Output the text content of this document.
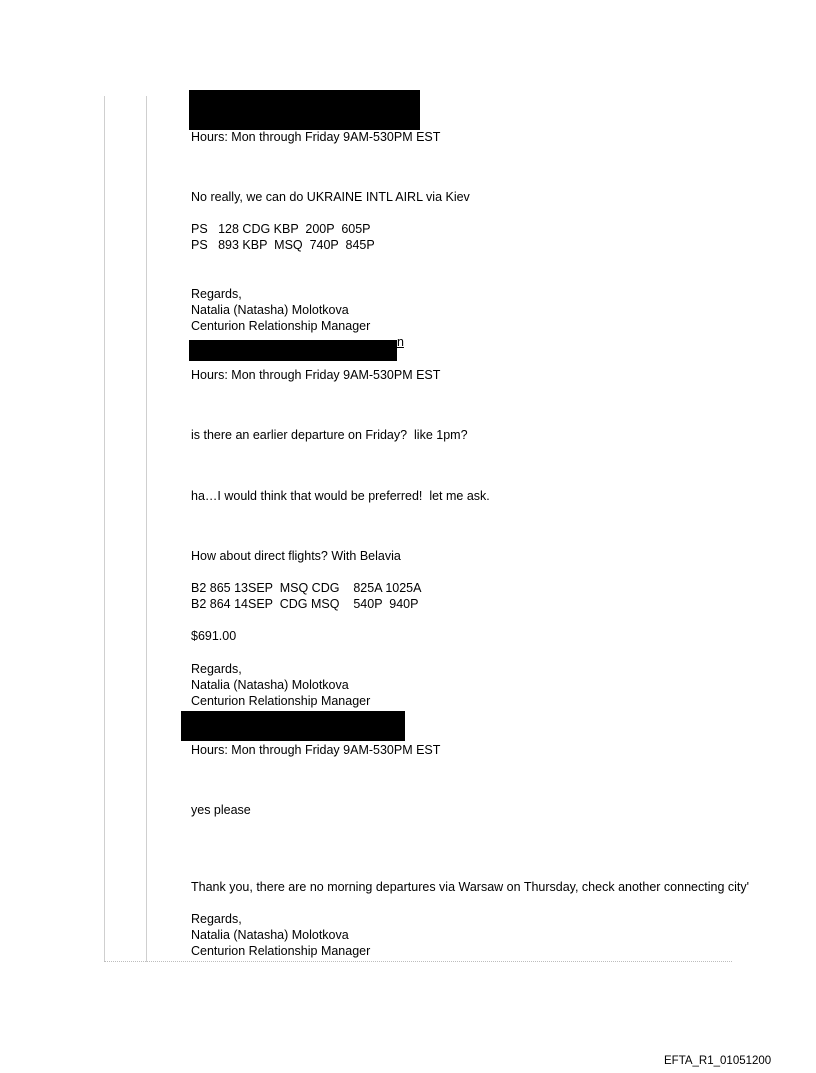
Hours: Mon through Friday 9AM-530PM EST
No really, we can do UKRAINE INTL AIRL via Kiev
PS   128 CDG KBP  200P  605P
PS   893 KBP  MSQ  740P  845P
Regards,
Natalia (Natasha) Molotkova
Centurion Relationship Manager
n
Hours: Mon through Friday 9AM-530PM EST
is there an earlier departure on Friday?  like 1pm?
ha…I would think that would be preferred!  let me ask.
How about direct flights? With Belavia
B2 865 13SEP  MSQ CDG    825A 1025A
B2 864 14SEP  CDG MSQ    540P  940P
$691.00
Regards,
Natalia (Natasha) Molotkova
Centurion Relationship Manager
Hours: Mon through Friday 9AM-530PM EST
yes please
Thank you, there are no morning departures via Warsaw on Thursday, check another connecting city'
Regards,
Natalia (Natasha) Molotkova
Centurion Relationship Manager
EFTA_R1_01051200
